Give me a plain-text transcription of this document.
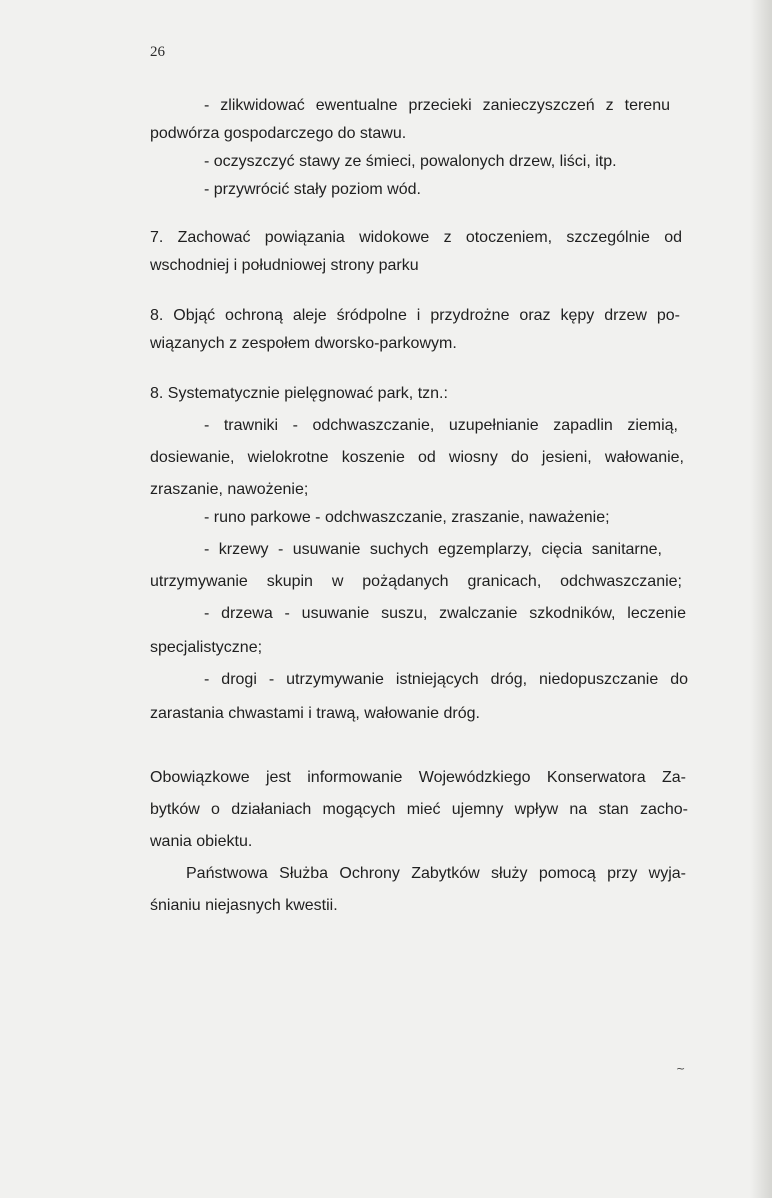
26
- zlikwidować ewentualne przecieki zanieczyszczeń z terenu
podwórza gospodarczego do stawu.
- oczyszczyć stawy ze śmieci, powalonych drzew, liści, itp.
- przywrócić stały poziom wód.
7. Zachować powiązania widokowe z otoczeniem, szczególnie od
wschodniej i południowej strony parku
8. Objąć ochroną aleje śródpolne i przydrożne oraz kępy drzew po-
wiązanych z zespołem dworsko-parkowym.
8. Systematycznie pielęgnować park, tzn.:
- trawniki - odchwaszczanie, uzupełnianie zapadlin ziemią,
dosiewanie, wielokrotne koszenie od wiosny do jesieni, wałowanie,
zraszanie, nawożenie;
- runo parkowe - odchwaszczanie, zraszanie, naważenie;
- krzewy - usuwanie suchych egzemplarzy, cięcia sanitarne,
utrzymywanie skupin w pożądanych granicach, odchwaszczanie;
- drzewa - usuwanie suszu, zwalczanie szkodników, leczenie
specjalistyczne;
- drogi - utrzymywanie istniejących dróg, niedopuszczanie do
zarastania chwastami i trawą, wałowanie dróg.
Obowiązkowe jest informowanie Wojewódzkiego Konserwatora Za-
bytków o działaniach mogących mieć ujemny wpływ na stan zacho-
wania obiektu.
Państwowa Służba Ochrony Zabytków służy pomocą przy wyja-
śnianiu niejasnych kwestii.
~
